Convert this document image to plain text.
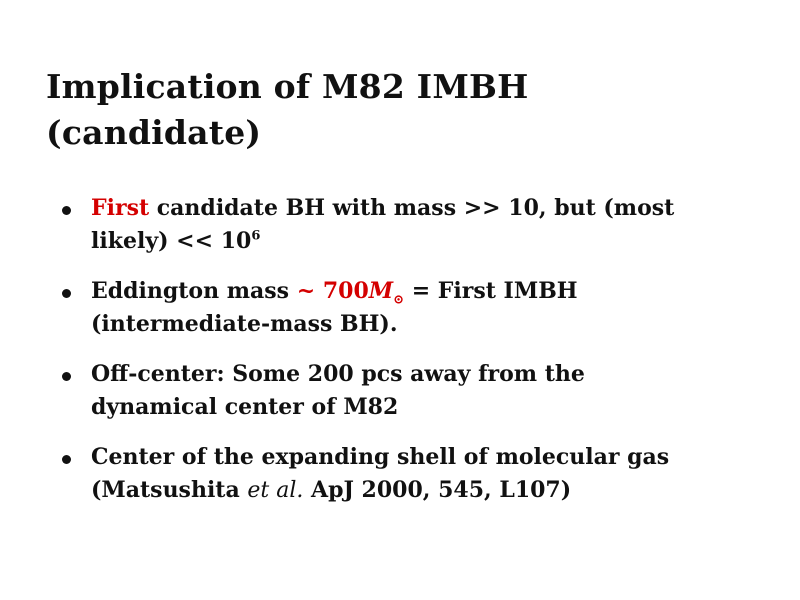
Implication of M82 IMBH
(candidate)
First candidate BH with mass >> 10, but (most
likely) << $10^6$
Eddington mass ~ $700M_⊙$ = First IMBH
(intermediate-mass BH).
Off-center: Some 200 pcs away from the
dynamical center of M82
Center of the expanding shell of molecular gas
(Matsushita et al. ApJ 2000, 545, L107)
